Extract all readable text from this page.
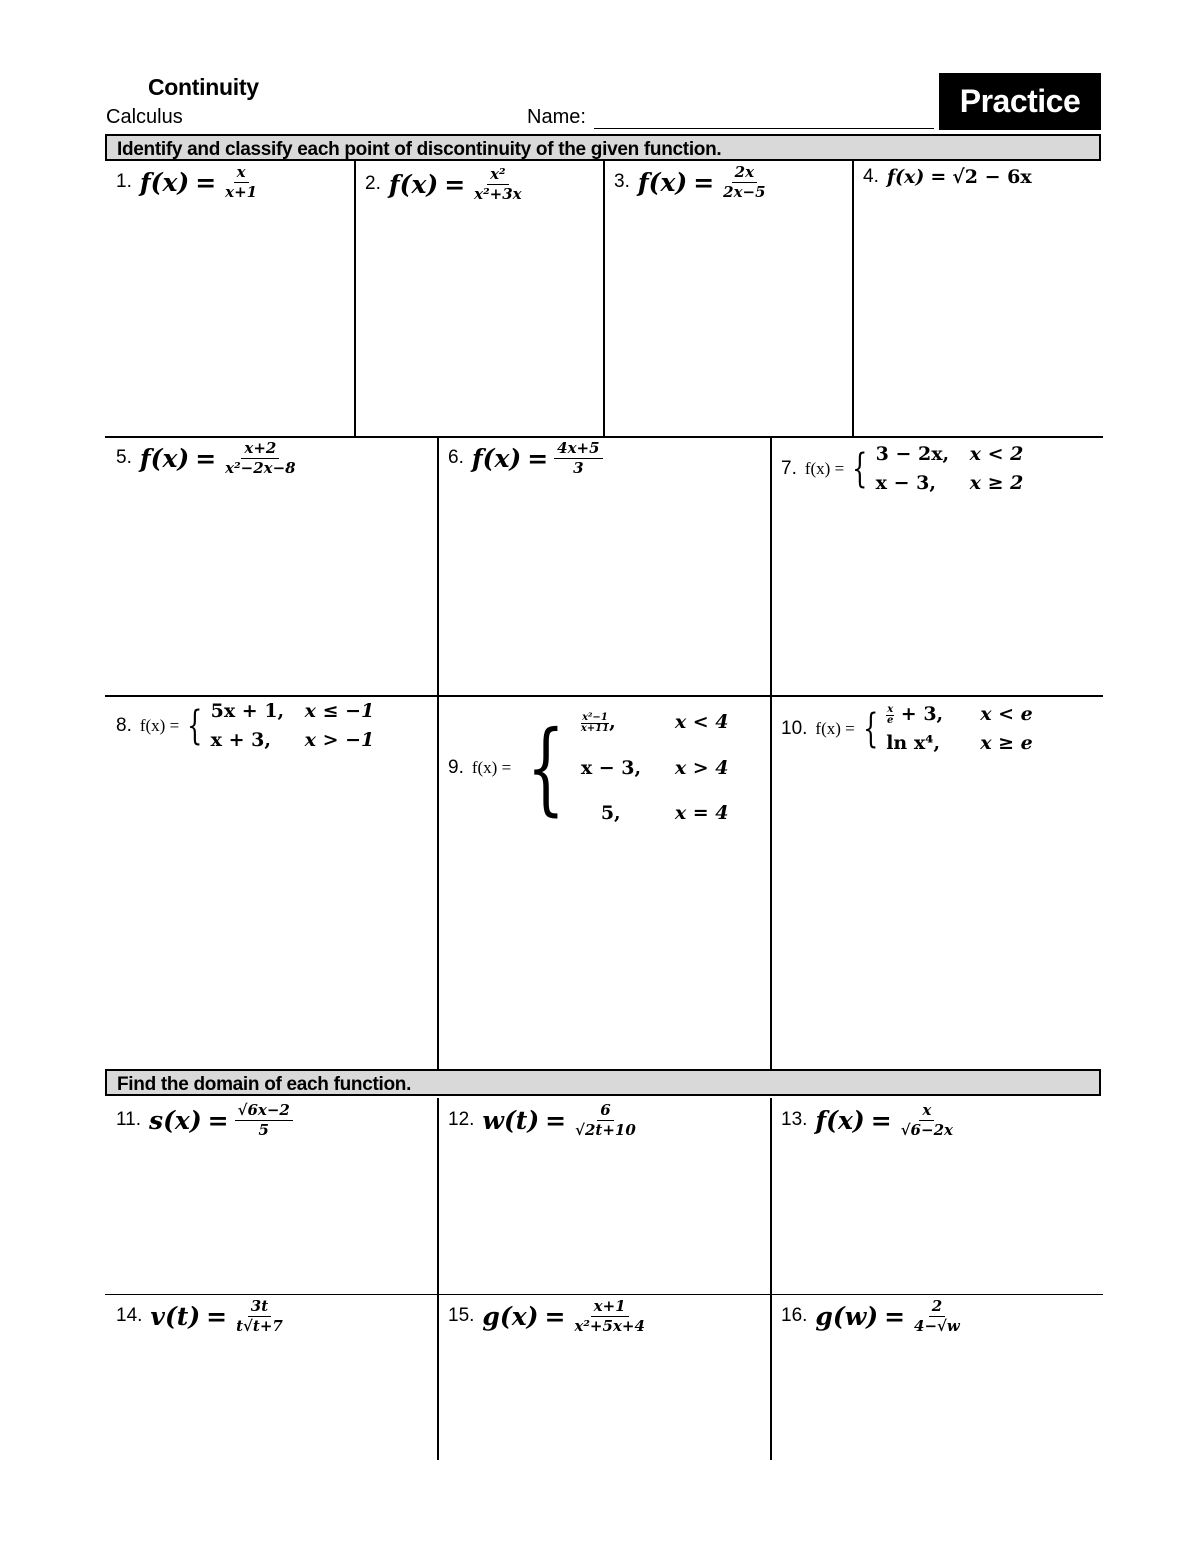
Continuity
Calculus	Name:	Practice
Identify and classify each point of discontinuity of the given function.
Find the domain of each function.
1. $f(x) = \frac{x}{x+1}$	2. $f(x) = \frac{\text{x²}}{\text{x²+3x}}$	3. $f(x) = \frac{2x}{2x-5}$	4. f(x) = √2 − 6x
5. $f(x) = \frac{x+2}{\text{x²−2x−8}}$	6. $f(x) = \frac{4x+5}{3}$	7. f(x) = { 3 − 2x,	x < 2
x − 3,	x ≥ 2
8. f(x) = { 5x + 1,	x ≤ −1
x + 3,	x > −1
9. f(x) = { $\frac{\text{x²−1}}{x+11}$ ,	x < 4
x − 3,	x > 4
5,	x = 4
10. f(x) = { $\frac{x}{e} + 3$,	x < e
ln x⁴,	x ≥ e
11. $s(x) = \frac{√6x-2}{5}$	12. $w(t) = \frac{6}{√2t+10}$	13. $f(x) = \frac{x}{√6-2x}$
14. $v(t) = \frac{3t}{t√t+7}$	15. $g(x) = \frac{x+1}{\text{x²+5x+4}}$	16. $g(w) = \frac{2}{4-√w}$
